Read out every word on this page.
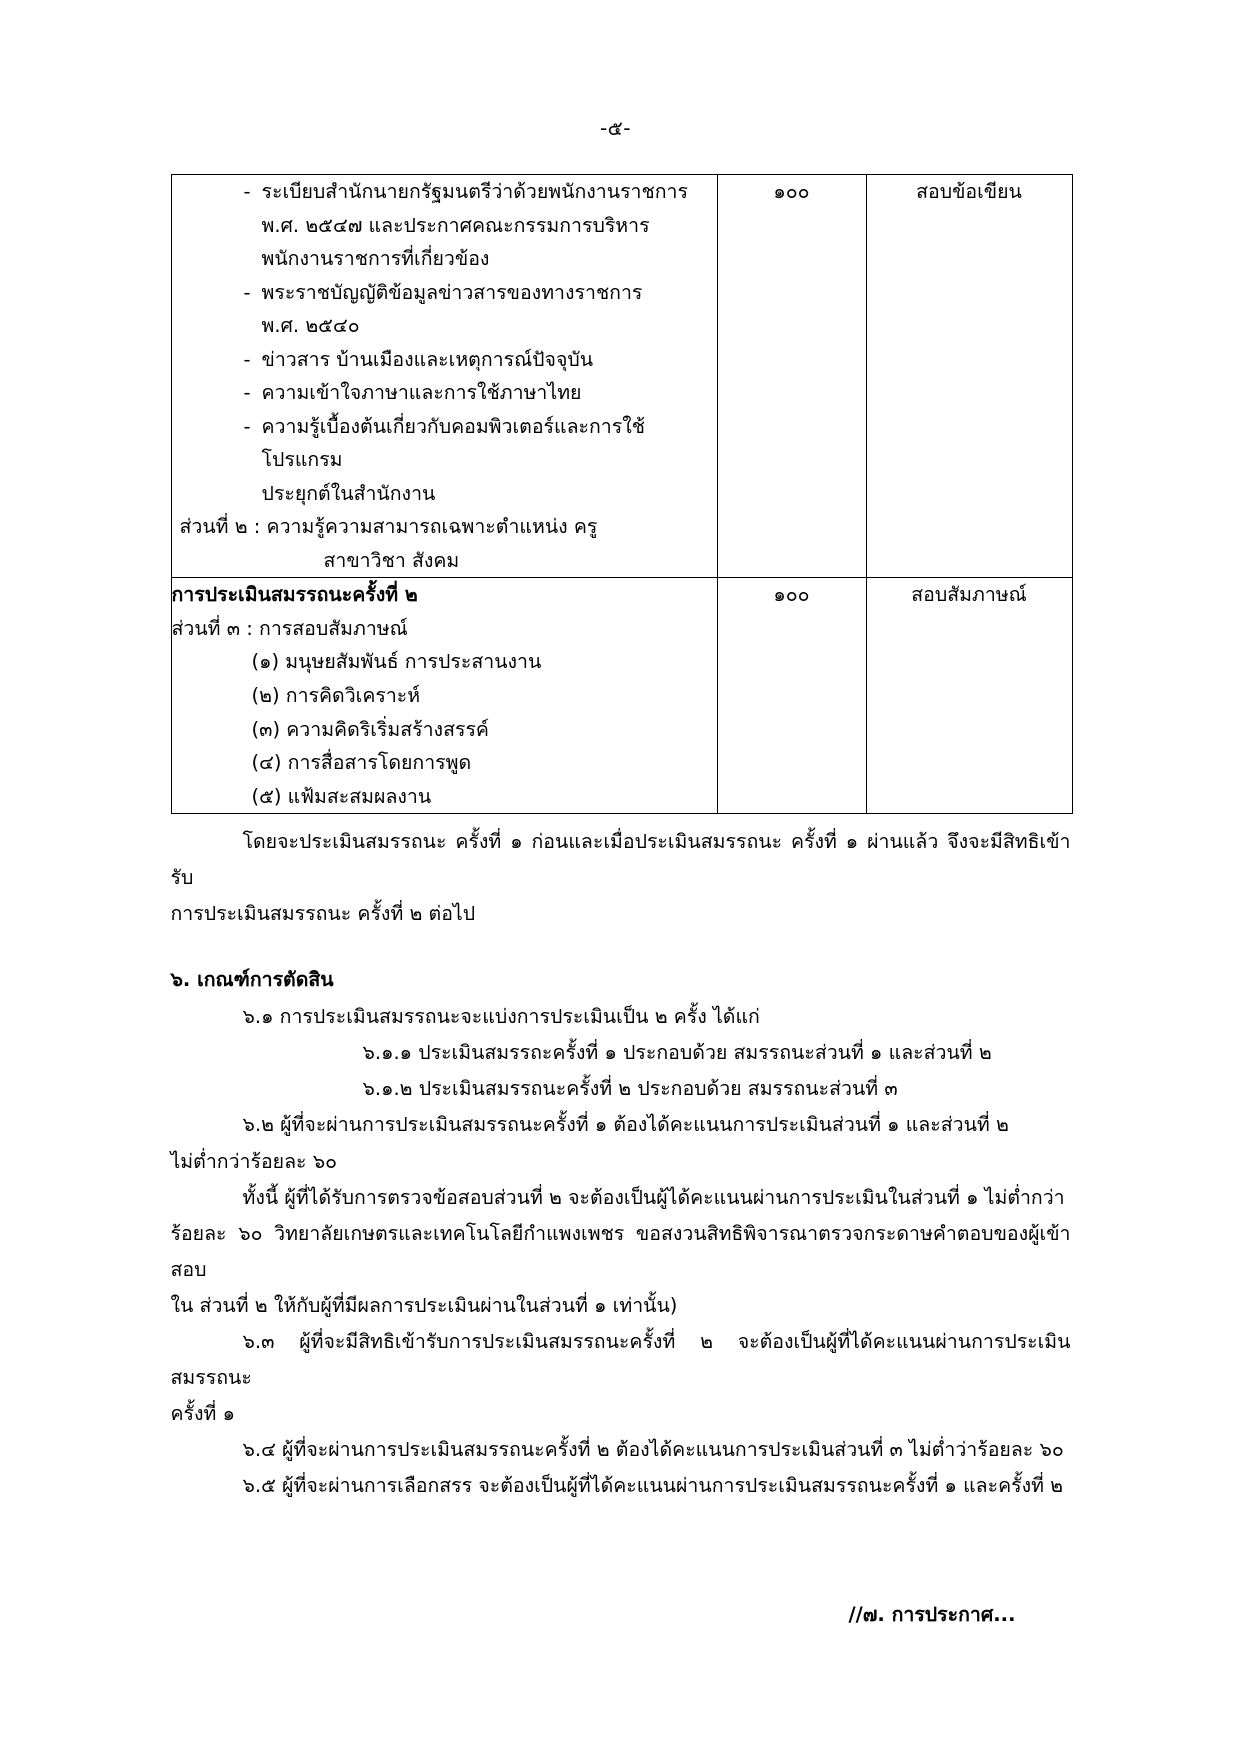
-๕-
- ระเบียบสำนักนายกรัฐมนตรีว่าด้วยพนักงานราชการ
พ.ศ. ๒๕๔๗ และประกาศคณะกรรมการบริหาร
พนักงานราชการที่เกี่ยวข้อง
- พระราชบัญญัติข้อมูลข่าวสารของทางราชการ
พ.ศ. ๒๕๔๐
- ข่าวสาร บ้านเมืองและเหตุการณ์ปัจจุบัน
- ความเข้าใจภาษาและการใช้ภาษาไทย
- ความรู้เบื้องต้นเกี่ยวกับคอมพิวเตอร์และการใช้โปรแกรม
ประยุกต์ในสำนักงาน
ส่วนที่ ๒ : ความรู้ความสามารถเฉพาะตำแหน่ง ครู
สาขาวิชา สังคม
	๑๐๐	สอบข้อเขียน
การประเมินสมรรถนะครั้งที่ ๒
ส่วนที่ ๓ : การสอบสัมภาษณ์
(๑) มนุษยสัมพันธ์ การประสานงาน
(๒) การคิดวิเคราะห์
(๓) ความคิดริเริ่มสร้างสรรค์
(๔) การสื่อสารโดยการพูด
(๕) แฟ้มสะสมผลงาน
	๑๐๐	สอบสัมภาษณ์

โดยจะประเมินสมรรถนะ ครั้งที่ ๑ ก่อนและเมื่อประเมินสมรรถนะ ครั้งที่ ๑ ผ่านแล้ว จึงจะมีสิทธิเข้ารับ

การประเมินสมรรถนะ ครั้งที่ ๒ ต่อไป

๖. เกณฑ์การตัดสิน

๖.๑ การประเมินสมรรถนะจะแบ่งการประเมินเป็น ๒ ครั้ง ได้แก่

๖.๑.๑ ประเมินสมรรถะครั้งที่ ๑ ประกอบด้วย สมรรถนะส่วนที่ ๑ และส่วนที่ ๒

๖.๑.๒ ประเมินสมรรถนะครั้งที่ ๒ ประกอบด้วย สมรรถนะส่วนที่ ๓

๖.๒ ผู้ที่จะผ่านการประเมินสมรรถนะครั้งที่ ๑ ต้องได้คะแนนการประเมินส่วนที่ ๑ และส่วนที่ ๒

ไม่ต่ำกว่าร้อยละ ๖๐

ทั้งนี้ ผู้ที่ได้รับการตรวจข้อสอบส่วนที่ ๒ จะต้องเป็นผู้ได้คะแนนผ่านการประเมินในส่วนที่ ๑ ไม่ต่ำกว่า

ร้อยละ ๖๐ วิทยาลัยเกษตรและเทคโนโลยีกำแพงเพชร ขอสงวนสิทธิพิจารณาตรวจกระดาษคำตอบของผู้เข้าสอบ

ใน ส่วนที่ ๒ ให้กับผู้ที่มีผลการประเมินผ่านในส่วนที่ ๑ เท่านั้น)

๖.๓ ผู้ที่จะมีสิทธิเข้ารับการประเมินสมรรถนะครั้งที่ ๒ จะต้องเป็นผู้ที่ได้คะแนนผ่านการประเมินสมรรถนะ

ครั้งที่ ๑

๖.๔ ผู้ที่จะผ่านการประเมินสมรรถนะครั้งที่ ๒ ต้องได้คะแนนการประเมินส่วนที่ ๓ ไม่ต่ำว่าร้อยละ ๖๐

๖.๕ ผู้ที่จะผ่านการเลือกสรร จะต้องเป็นผู้ที่ได้คะแนนผ่านการประเมินสมรรถนะครั้งที่ ๑ และครั้งที่ ๒

//๗. การประกาศ...
